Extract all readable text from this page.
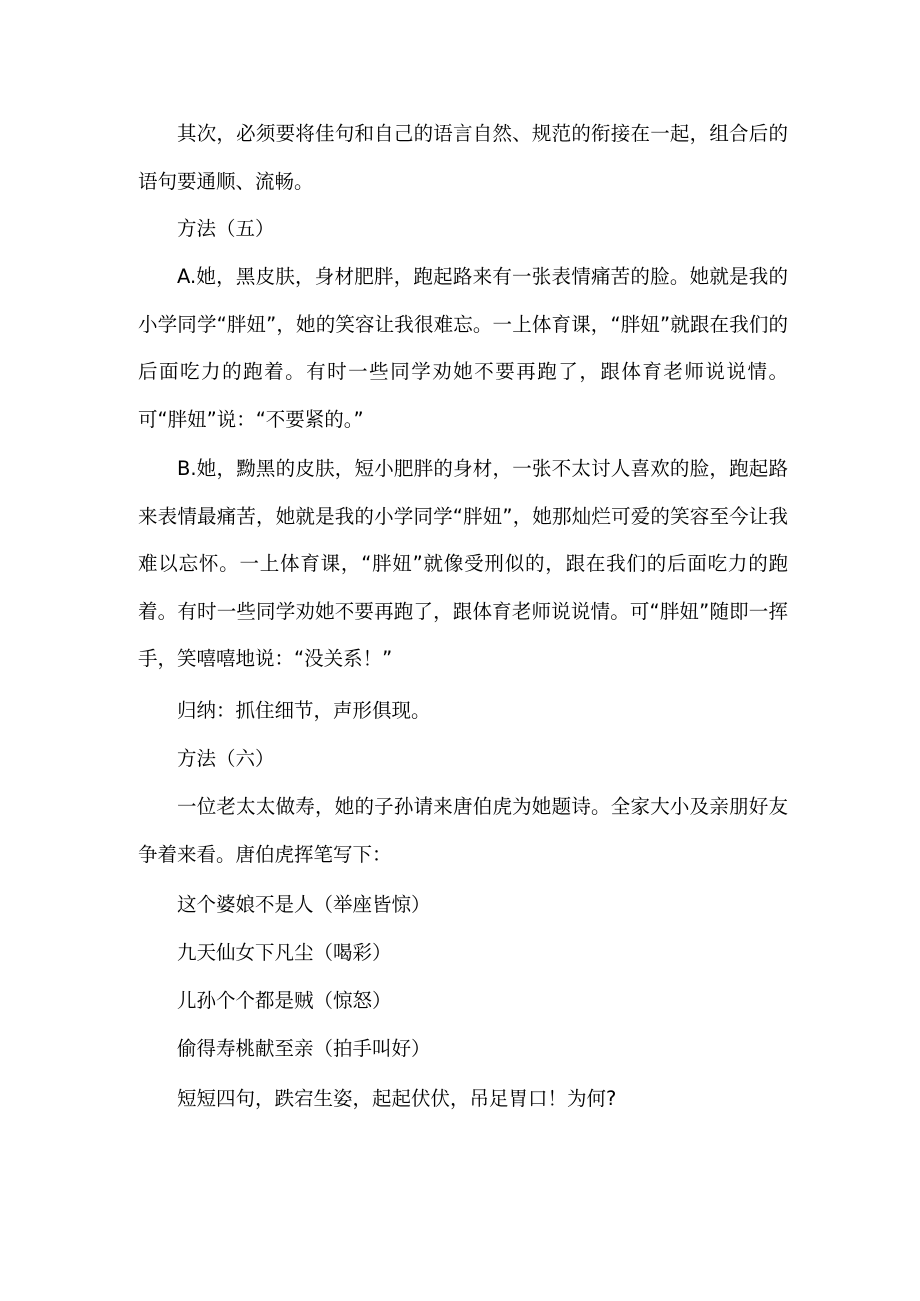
其次，必须要将佳句和自己的语言自然、规范的衔接在一起，组合后的语句要通顺、流畅。

方法（五）

A.她，黑皮肤，身材肥胖，跑起路来有一张表情痛苦的脸。她就是我的小学同学“胖妞”，她的笑容让我很难忘。一上体育课，“胖妞”就跟在我们的后面吃力的跑着。有时一些同学劝她不要再跑了，跟体育老师说说情。可“胖妞”说：“不要紧的。”

B.她，黝黑的皮肤，短小肥胖的身材，一张不太讨人喜欢的脸，跑起路来表情最痛苦，她就是我的小学同学“胖妞”，她那灿烂可爱的笑容至今让我难以忘怀。一上体育课，“胖妞”就像受刑似的，跟在我们的后面吃力的跑着。有时一些同学劝她不要再跑了，跟体育老师说说情。可“胖妞”随即一挥手，笑嘻嘻地说：“没关系！”

归纳：抓住细节，声形俱现。

方法（六）

一位老太太做寿，她的子孙请来唐伯虎为她题诗。全家大小及亲朋好友争着来看。唐伯虎挥笔写下：

这个婆娘不是人（举座皆惊）

九天仙女下凡尘（喝彩）

儿孙个个都是贼（惊怒）

偷得寿桃献至亲（拍手叫好）

短短四句，跌宕生姿，起起伏伏，吊足胃口！为何?
